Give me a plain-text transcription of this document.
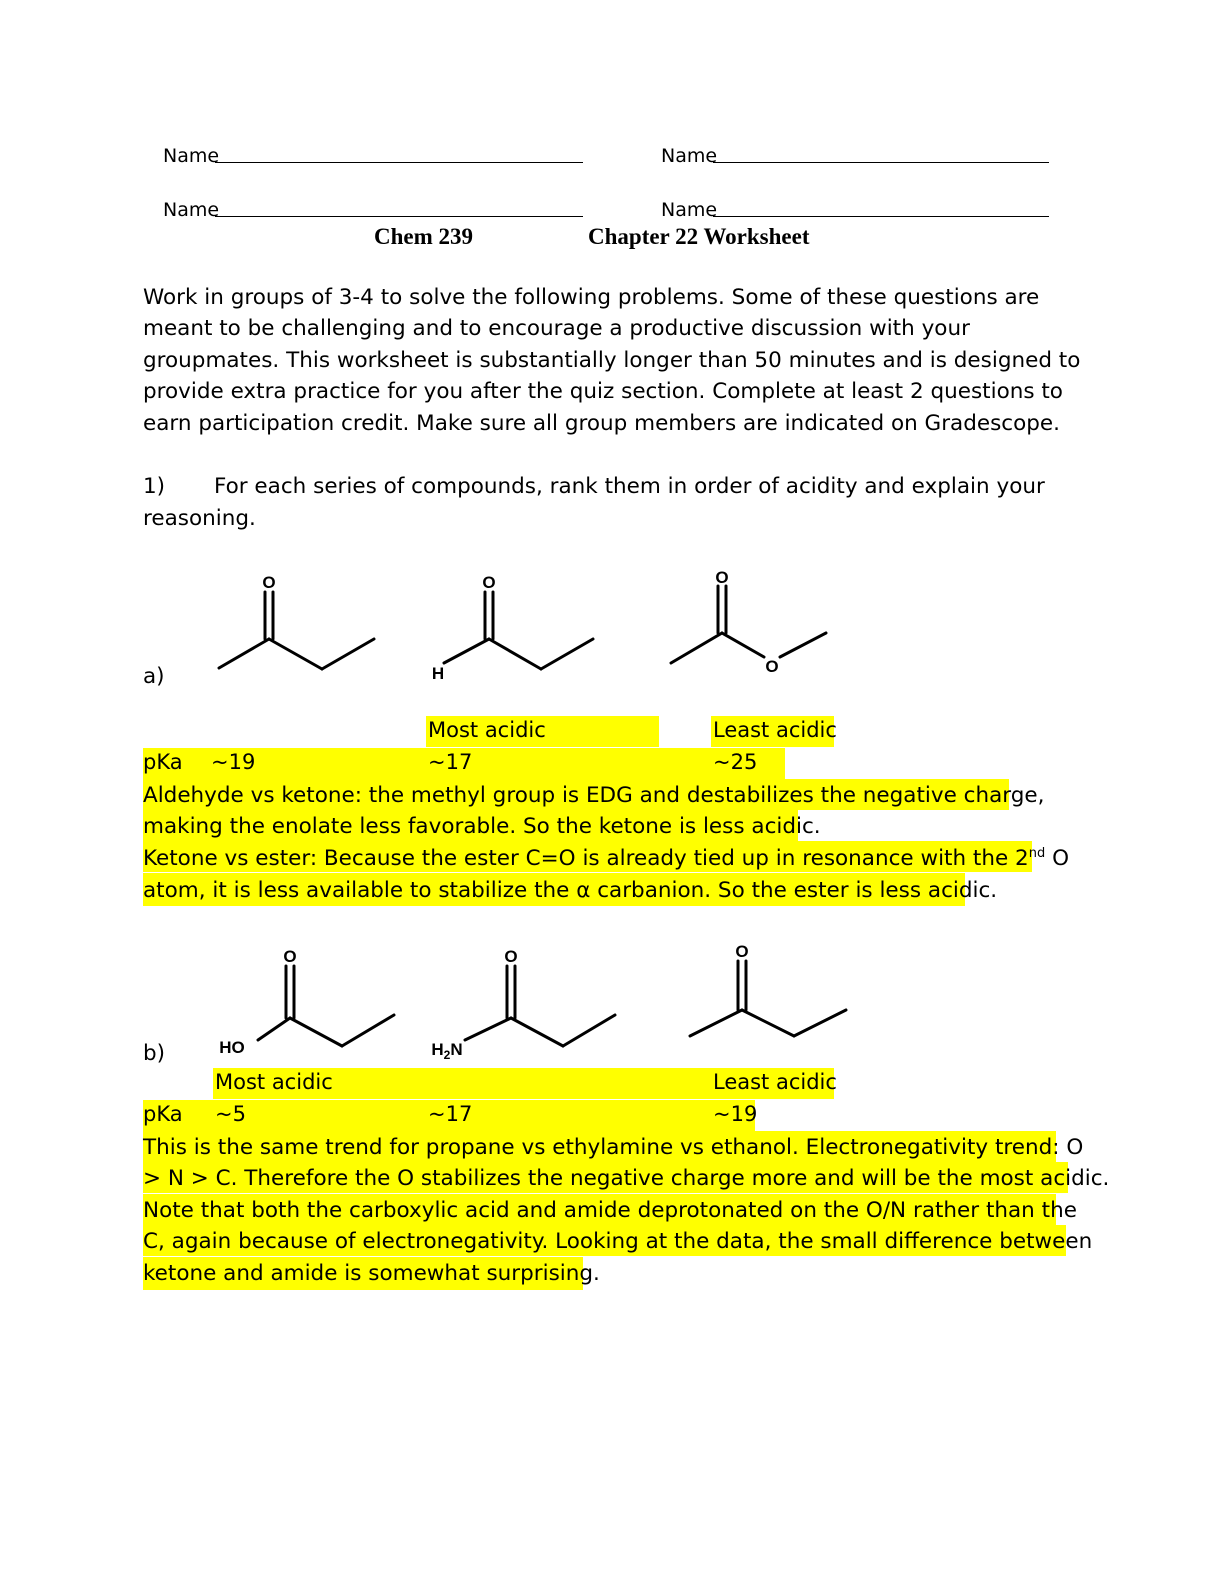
Name	Name
Name	Name
Chem 239	Chapter 22 Worksheet
Work in groups of 3-4 to solve the following problems. Some of these questions are
meant to be challenging and to encourage a productive discussion with your
groupmates. This worksheet is substantially longer than 50 minutes and is designed to
provide extra practice for you after the quiz section. Complete at least 2 questions to
earn participation credit. Make sure all group members are indicated on Gradescope.
1) For each series of compounds, rank them in order of acidity and explain your
reasoning.
a)
O	O
H
O
O
Most acidic	Least acidic
pKa ~19	~17	~25
Aldehyde vs ketone: the methyl group is EDG and destabilizes the negative charge,
making the enolate less favorable. So the ketone is less acidic.
Ketone vs ester: Because the ester C=O is already tied up in resonance with the 2nd O
atom, it is less available to stabilize the α carbanion. So the ester is less acidic.
b)
O
HO
O
$H_2N$
O
Most acidic	Least acidic
pKa ~5	~17	~19
This is the same trend for propane vs ethylamine vs ethanol. Electronegativity trend: O
> N > C. Therefore the O stabilizes the negative charge more and will be the most acidic.
Note that both the carboxylic acid and amide deprotonated on the O/N rather than the
C, again because of electronegativity. Looking at the data, the small difference between
ketone and amide is somewhat surprising.
